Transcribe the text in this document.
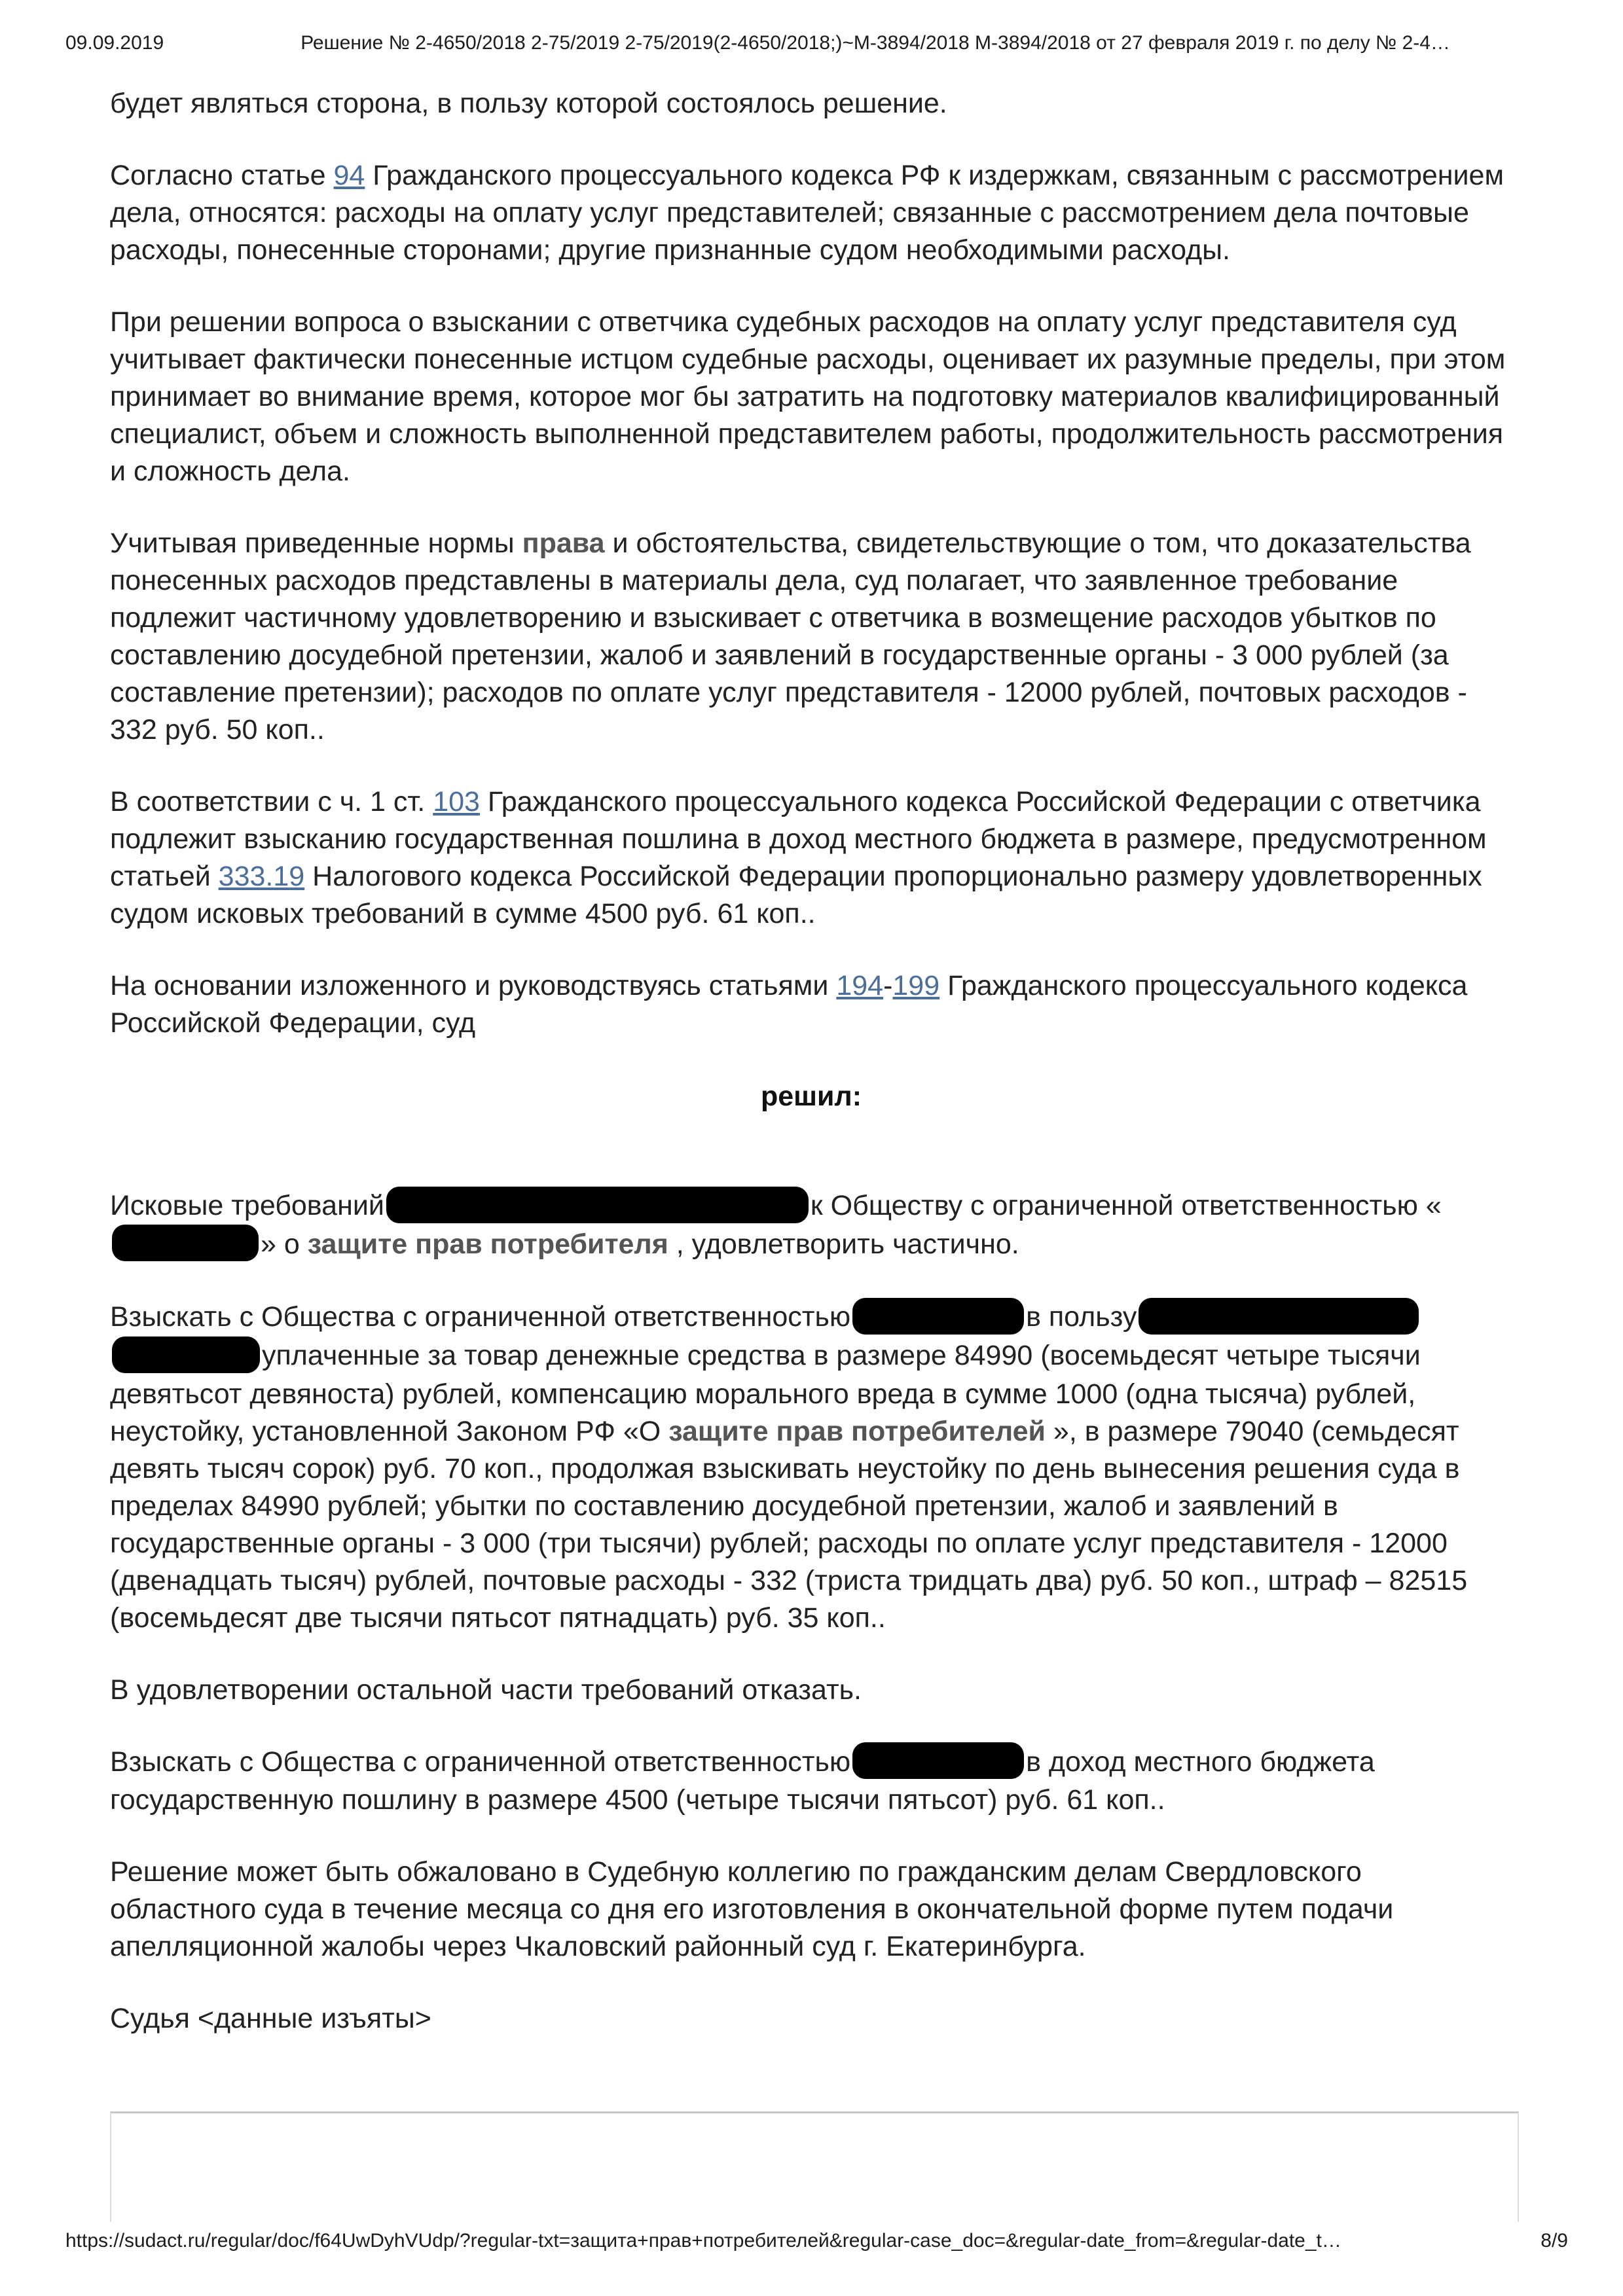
09.09.2019	Решение № 2-4650/2018 2-75/2019 2-75/2019(2-4650/2018;)~М-3894/2018 М-3894/2018 от 27 февраля 2019 г. по делу № 2-4…

будет являться сторона, в пользу которой состоялось решение.

Согласно статье 94 Гражданского процессуального кодекса РФ к издержкам, связанным с рассмотрением дела, относятся: расходы на оплату услуг представителей; связанные с рассмотрением дела почтовые расходы, понесенные сторонами; другие признанные судом необходимыми расходы.

При решении вопроса о взыскании с ответчика судебных расходов на оплату услуг представителя суд учитывает фактически понесенные истцом судебные расходы, оценивает их разумные пределы, при этом принимает во внимание время, которое мог бы затратить на подготовку материалов квалифицированный специалист, объем и сложность выполненной представителем работы, продолжительность рассмотрения и сложность дела.

Учитывая приведенные нормы права и обстоятельства, свидетельствующие о том, что доказательства понесенных расходов представлены в материалы дела, суд полагает, что заявленное требование подлежит частичному удовлетворению и взыскивает с ответчика в возмещение расходов убытков по составлению досудебной претензии, жалоб и заявлений в государственные органы - 3 000 рублей (за составление претензии); расходов по оплате услуг представителя - 12000 рублей, почтовых расходов - 332 руб. 50 коп..

В соответствии с ч. 1 ст. 103 Гражданского процессуального кодекса Российской Федерации с ответчика подлежит взысканию государственная пошлина в доход местного бюджета в размере, предусмотренном статьей 333.19 Налогового кодекса Российской Федерации пропорционально размеру удовлетворенных судом исковых требований в сумме 4500 руб. 61 коп..

На основании изложенного и руководствуясь статьями 194-199 Гражданского процессуального кодекса Российской Федерации, суд

решил:

Исковые требований	к Обществу с ограниченной ответственностью «» о защите прав потребителя , удовлетворить частично.

Взыскать с Общества с ограниченной ответственностью	в пользу уплаченные за товар денежные средства в размере 84990 (восемьдесят четыре тысячи девятьсот девяноста) рублей, компенсацию морального вреда в сумме 1000 (одна тысяча) рублей, неустойку, установленной Законом РФ «О защите прав потребителей », в размере 79040 (семьдесят девять тысяч сорок) руб. 70 коп., продолжая взыскивать неустойку по день вынесения решения суда в пределах 84990 рублей; убытки по составлению досудебной претензии, жалоб и заявлений в государственные органы - 3 000 (три тысячи) рублей; расходы по оплате услуг представителя - 12000 (двенадцать тысяч) рублей, почтовые расходы - 332 (триста тридцать два) руб. 50 коп., штраф – 82515 (восемьдесят две тысячи пятьсот пятнадцать) руб. 35 коп..

В удовлетворении остальной части требований отказать.

Взыскать с Общества с ограниченной ответственностью	в доход местного бюджета государственную пошлину в размере 4500 (четыре тысячи пятьсот) руб. 61 коп..

Решение может быть обжаловано в Судебную коллегию по гражданским делам Свердловского областного суда в течение месяца со дня его изготовления в окончательной форме путем подачи апелляционной жалобы через Чкаловский районный суд г. Екатеринбурга.

Судья <данные изъяты>

https://sudact.ru/regular/doc/f64UwDyhVUdp/?regular-txt=защита+прав+потребителей&regular-case_doc=&regular-date_from=&regular-date_t…	8/9
